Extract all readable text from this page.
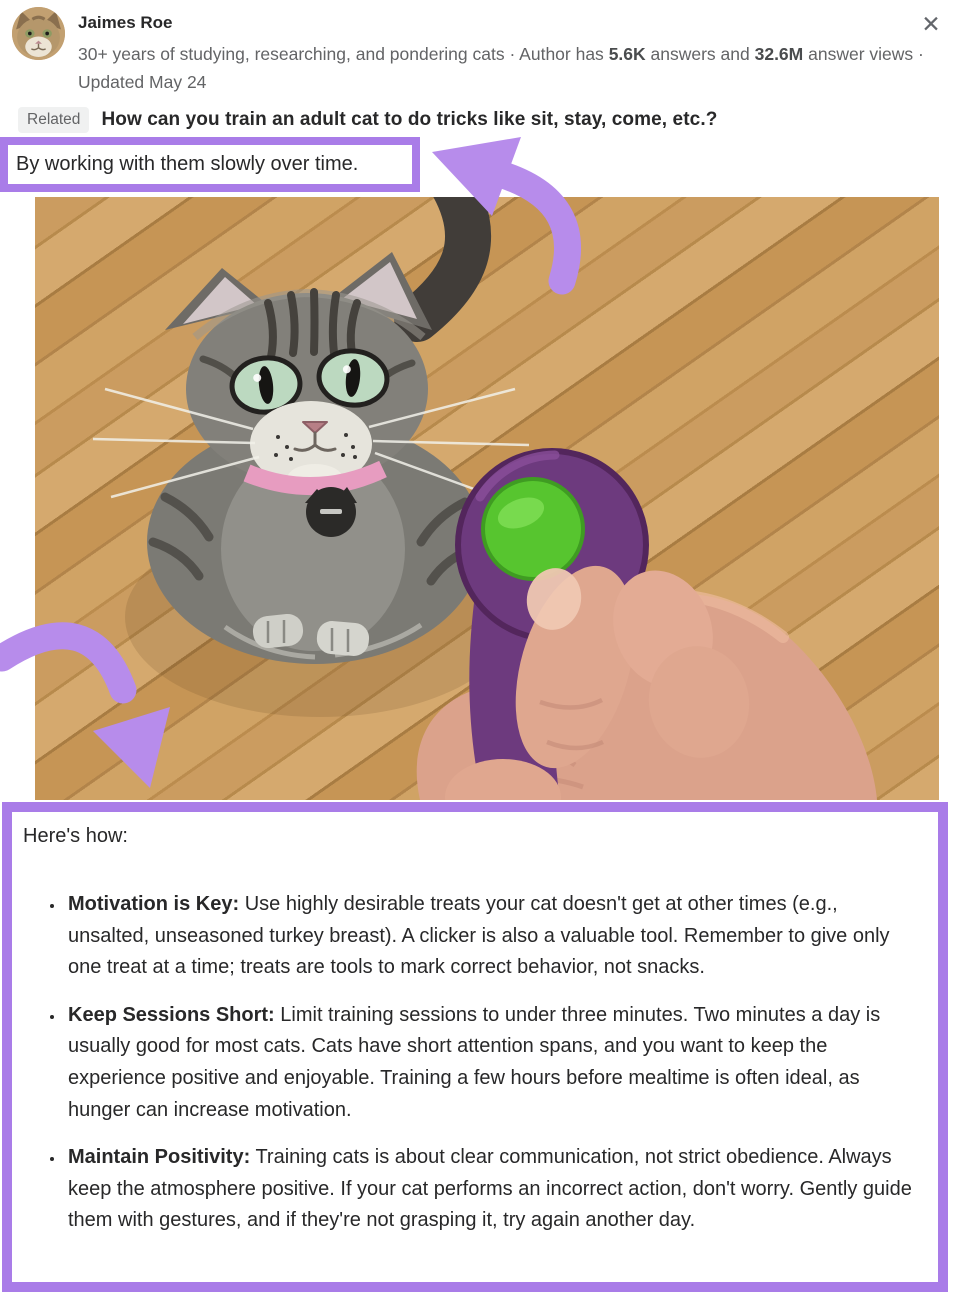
Jaimes Roe
30+ years of studying, researching, and pondering cats · Author has 5.6K answers and 32.6M answer views · Updated May 24
✕
Related	How can you train an adult cat to do tricks like sit, stay, come, etc.?
By working with them slowly over time.

Here's how:

• Motivation is Key: Use highly desirable treats your cat doesn't get at other times (e.g., unsalted, unseasoned turkey breast). A clicker is also a valuable tool. Remember to give only one treat at a time; treats are tools to mark correct behavior, not snacks.
• Keep Sessions Short: Limit training sessions to under three minutes. Two minutes a day is usually good for most cats. Cats have short attention spans, and you want to keep the experience positive and enjoyable. Training a few hours before mealtime is often ideal, as hunger can increase motivation.
• Maintain Positivity: Training cats is about clear communication, not strict obedience. Always keep the atmosphere positive. If your cat performs an incorrect action, don't worry. Gently guide them with gestures, and if they're not grasping it, try again another day.
